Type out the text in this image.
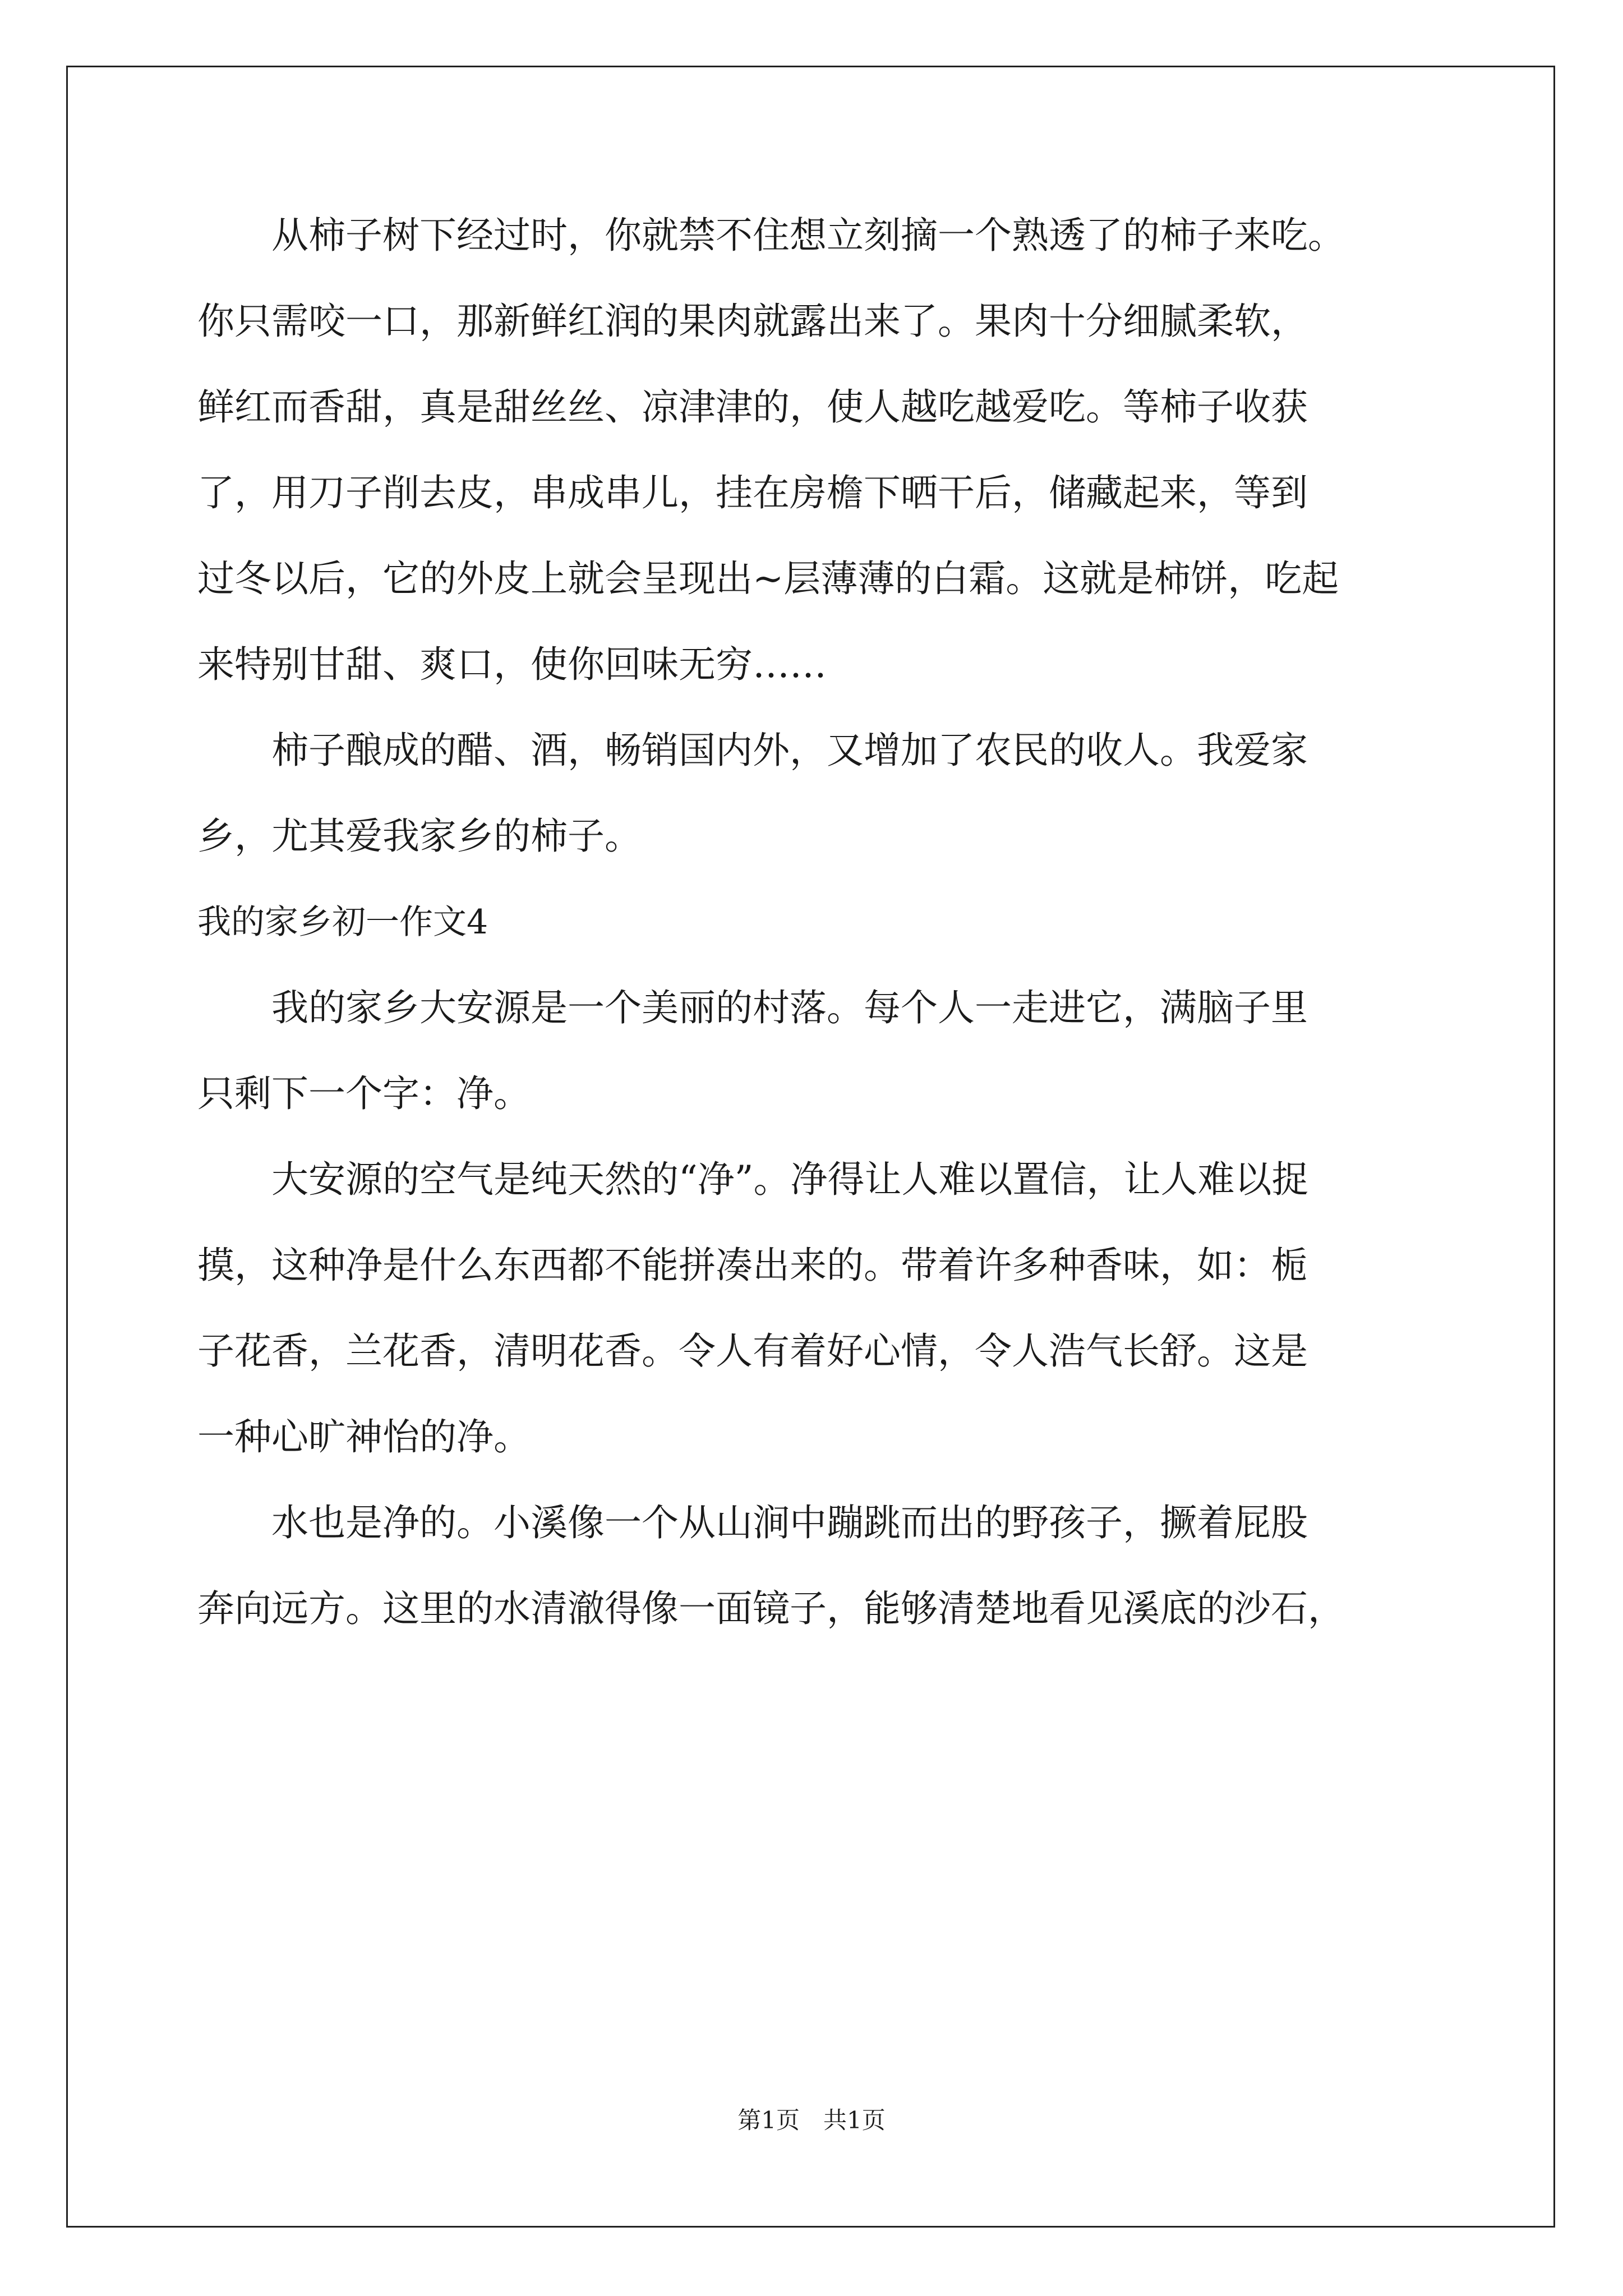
　　从柿子树下经过时，你就禁不住想立刻摘一个熟透了的柿子来吃。
你只需咬一口，那新鲜红润的果肉就露出来了。果肉十分细腻柔软，
鲜红而香甜，真是甜丝丝、凉津津的，使人越吃越爱吃。等柿子收获
了，用刀子削去皮，串成串儿，挂在房檐下晒干后，储藏起来，等到
过冬以后，它的外皮上就会呈现出~层薄薄的白霜。这就是柿饼，吃起
来特别甘甜、爽口，使你回味无穷……
　　柿子酿成的醋、酒，畅销国内外，又增加了农民的收人。我爱家
乡，尤其爱我家乡的柿子。
我的家乡初一作文4
　　我的家乡大安源是一个美丽的村落。每个人一走进它，满脑子里
只剩下一个字：净。
　　大安源的空气是纯天然的“净”。净得让人难以置信，让人难以捉
摸，这种净是什么东西都不能拼凑出来的。带着许多种香味，如：栀
子花香，兰花香，清明花香。令人有着好心情，令人浩气长舒。这是
一种心旷神怡的净。
　　水也是净的。小溪像一个从山涧中蹦跳而出的野孩子，撅着屁股
奔向远方。这里的水清澈得像一面镜子，能够清楚地看见溪底的沙石，
第1页　共1页
